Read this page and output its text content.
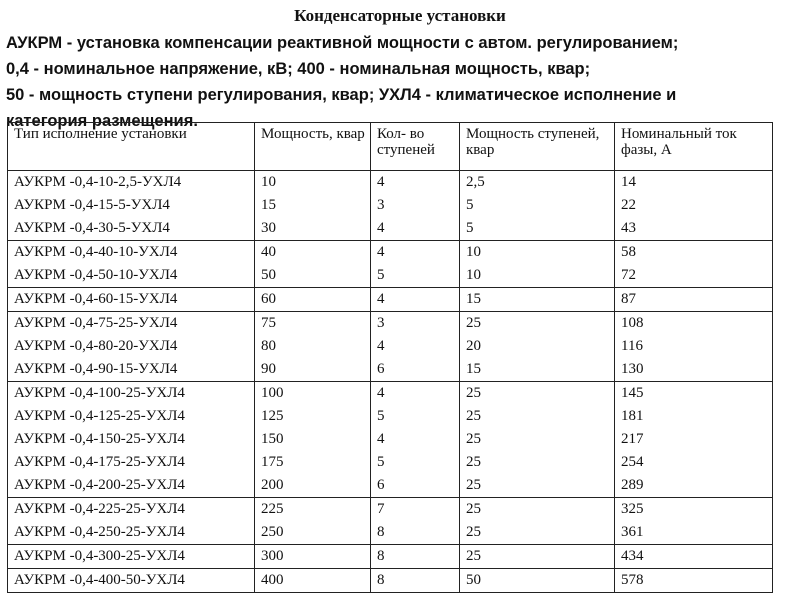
Конденсаторные установки
АУКРМ - установка компенсации реактивной мощности с автом. регулированием;
0,4 - номинальное напряжение, кВ; 400 - номинальная мощность, квар;
50 - мощность ступени регулирования, квар; УХЛ4 - климатическое исполнение и
категория размещения.
Тип исполнение установки	Мощность, квар	Кол- во ступеней	Мощность ступеней, квар	Номинальный ток фазы, А
АУКРМ -0,4-10-2,5-УХЛ4	10	4	2,5	14
АУКРМ -0,4-15-5-УХЛ4	15	3	5	22
АУКРМ -0,4-30-5-УХЛ4	30	4	5	43
АУКРМ -0,4-40-10-УХЛ4	40	4	10	58
АУКРМ -0,4-50-10-УХЛ4	50	5	10	72
АУКРМ -0,4-60-15-УХЛ4	60	4	15	87
АУКРМ -0,4-75-25-УХЛ4	75	3	25	108
АУКРМ -0,4-80-20-УХЛ4	80	4	20	116
АУКРМ -0,4-90-15-УХЛ4	90	6	15	130
АУКРМ -0,4-100-25-УХЛ4	100	4	25	145
АУКРМ -0,4-125-25-УХЛ4	125	5	25	181
АУКРМ -0,4-150-25-УХЛ4	150	4	25	217
АУКРМ -0,4-175-25-УХЛ4	175	5	25	254
АУКРМ -0,4-200-25-УХЛ4	200	6	25	289
АУКРМ -0,4-225-25-УХЛ4	225	7	25	325
АУКРМ -0,4-250-25-УХЛ4	250	8	25	361
АУКРМ -0,4-300-25-УХЛ4	300	8	25	434
АУКРМ -0,4-400-50-УХЛ4	400	8	50	578
